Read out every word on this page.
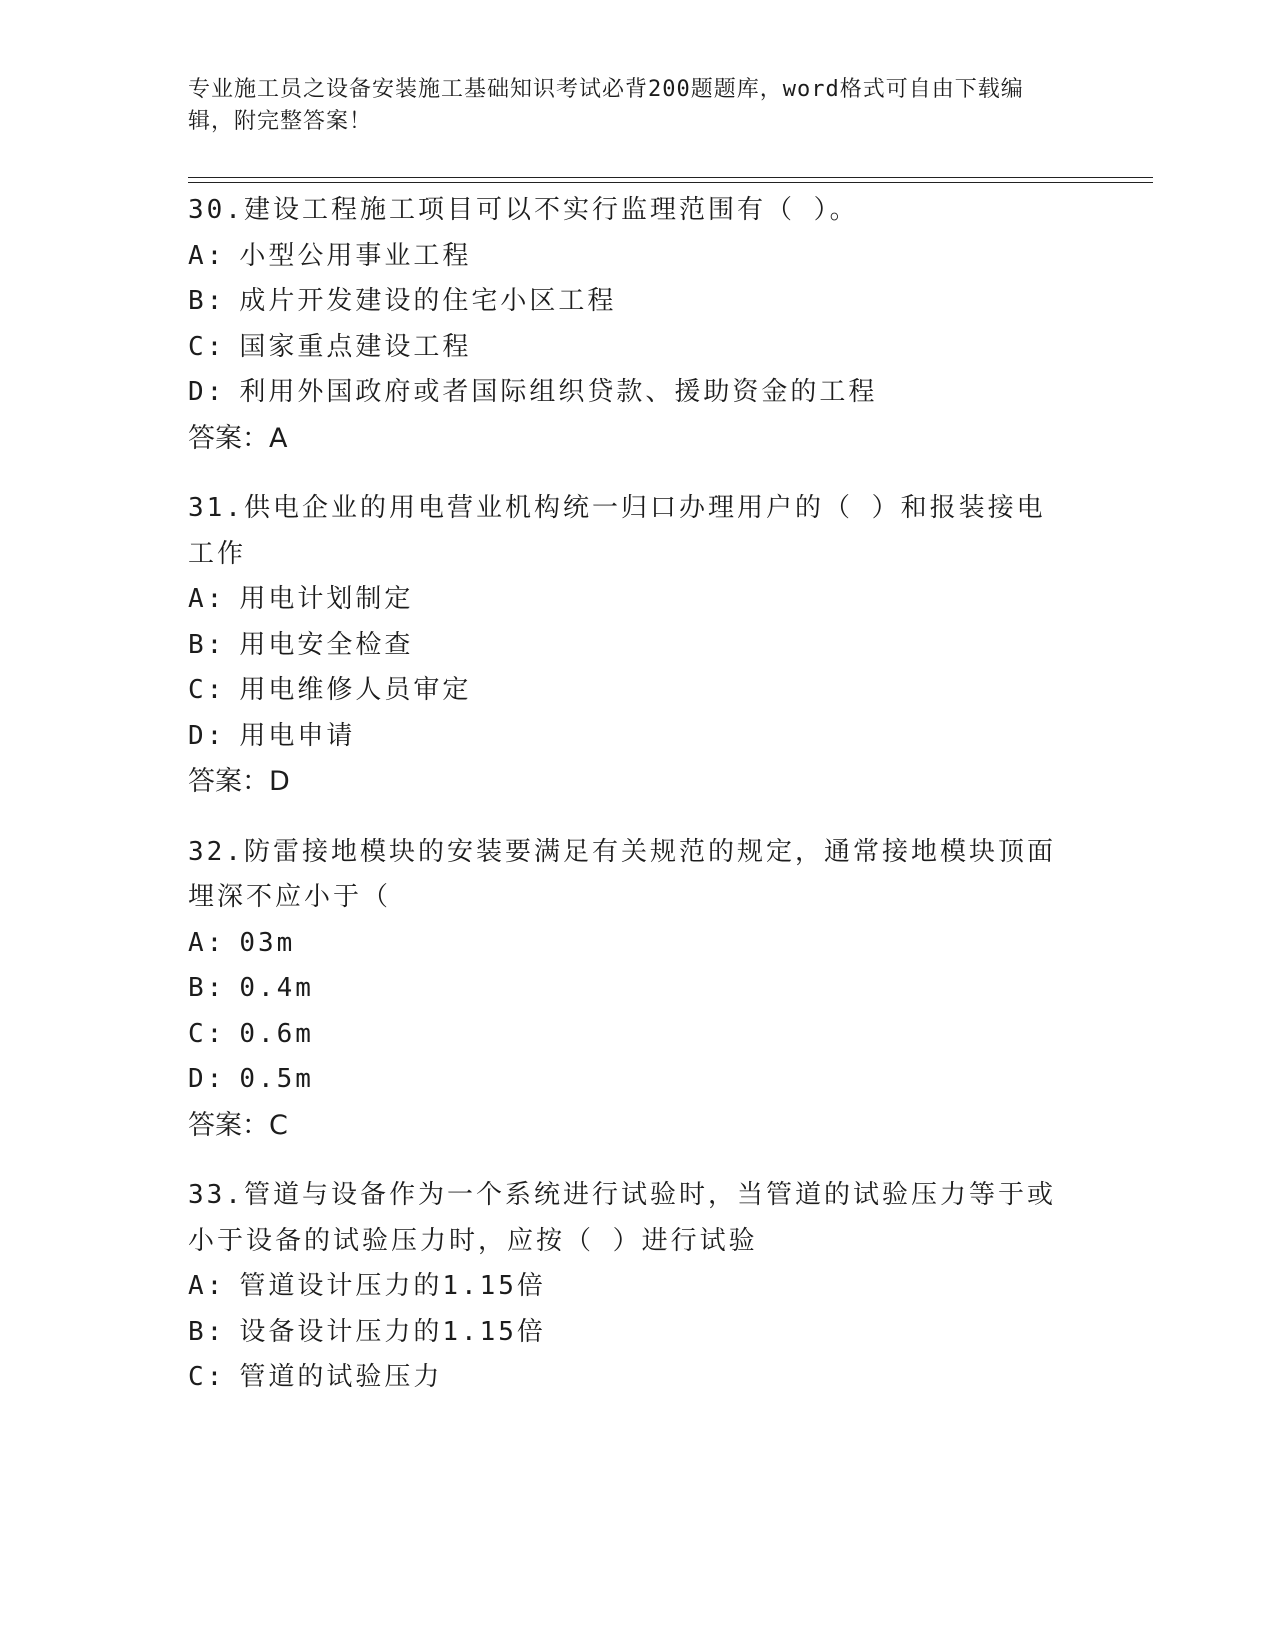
专业施工员之设备安装施工基础知识考试必背200题题库，word格式可自由下载编辑，附完整答案！
30.建设工程施工项目可以不实行监理范围有（ ）。
A: 小型公用事业工程
B: 成片开发建设的住宅小区工程
C: 国家重点建设工程
D: 利用外国政府或者国际组织贷款、援助资金的工程
答案：A
31.供电企业的用电营业机构统一归口办理用户的（ ）和报装接电工作
A: 用电计划制定
B: 用电安全检查
C: 用电维修人员审定
D: 用电申请
答案：D
32.防雷接地模块的安装要满足有关规范的规定，通常接地模块顶面埋深不应小于（
A: 03m
B: 0.4m
C: 0.6m
D: 0.5m
答案：C
33.管道与设备作为一个系统进行试验时，当管道的试验压力等于或小于设备的试验压力时，应按（ ）进行试验
A: 管道设计压力的1.15倍
B: 设备设计压力的1.15倍
C: 管道的试验压力
